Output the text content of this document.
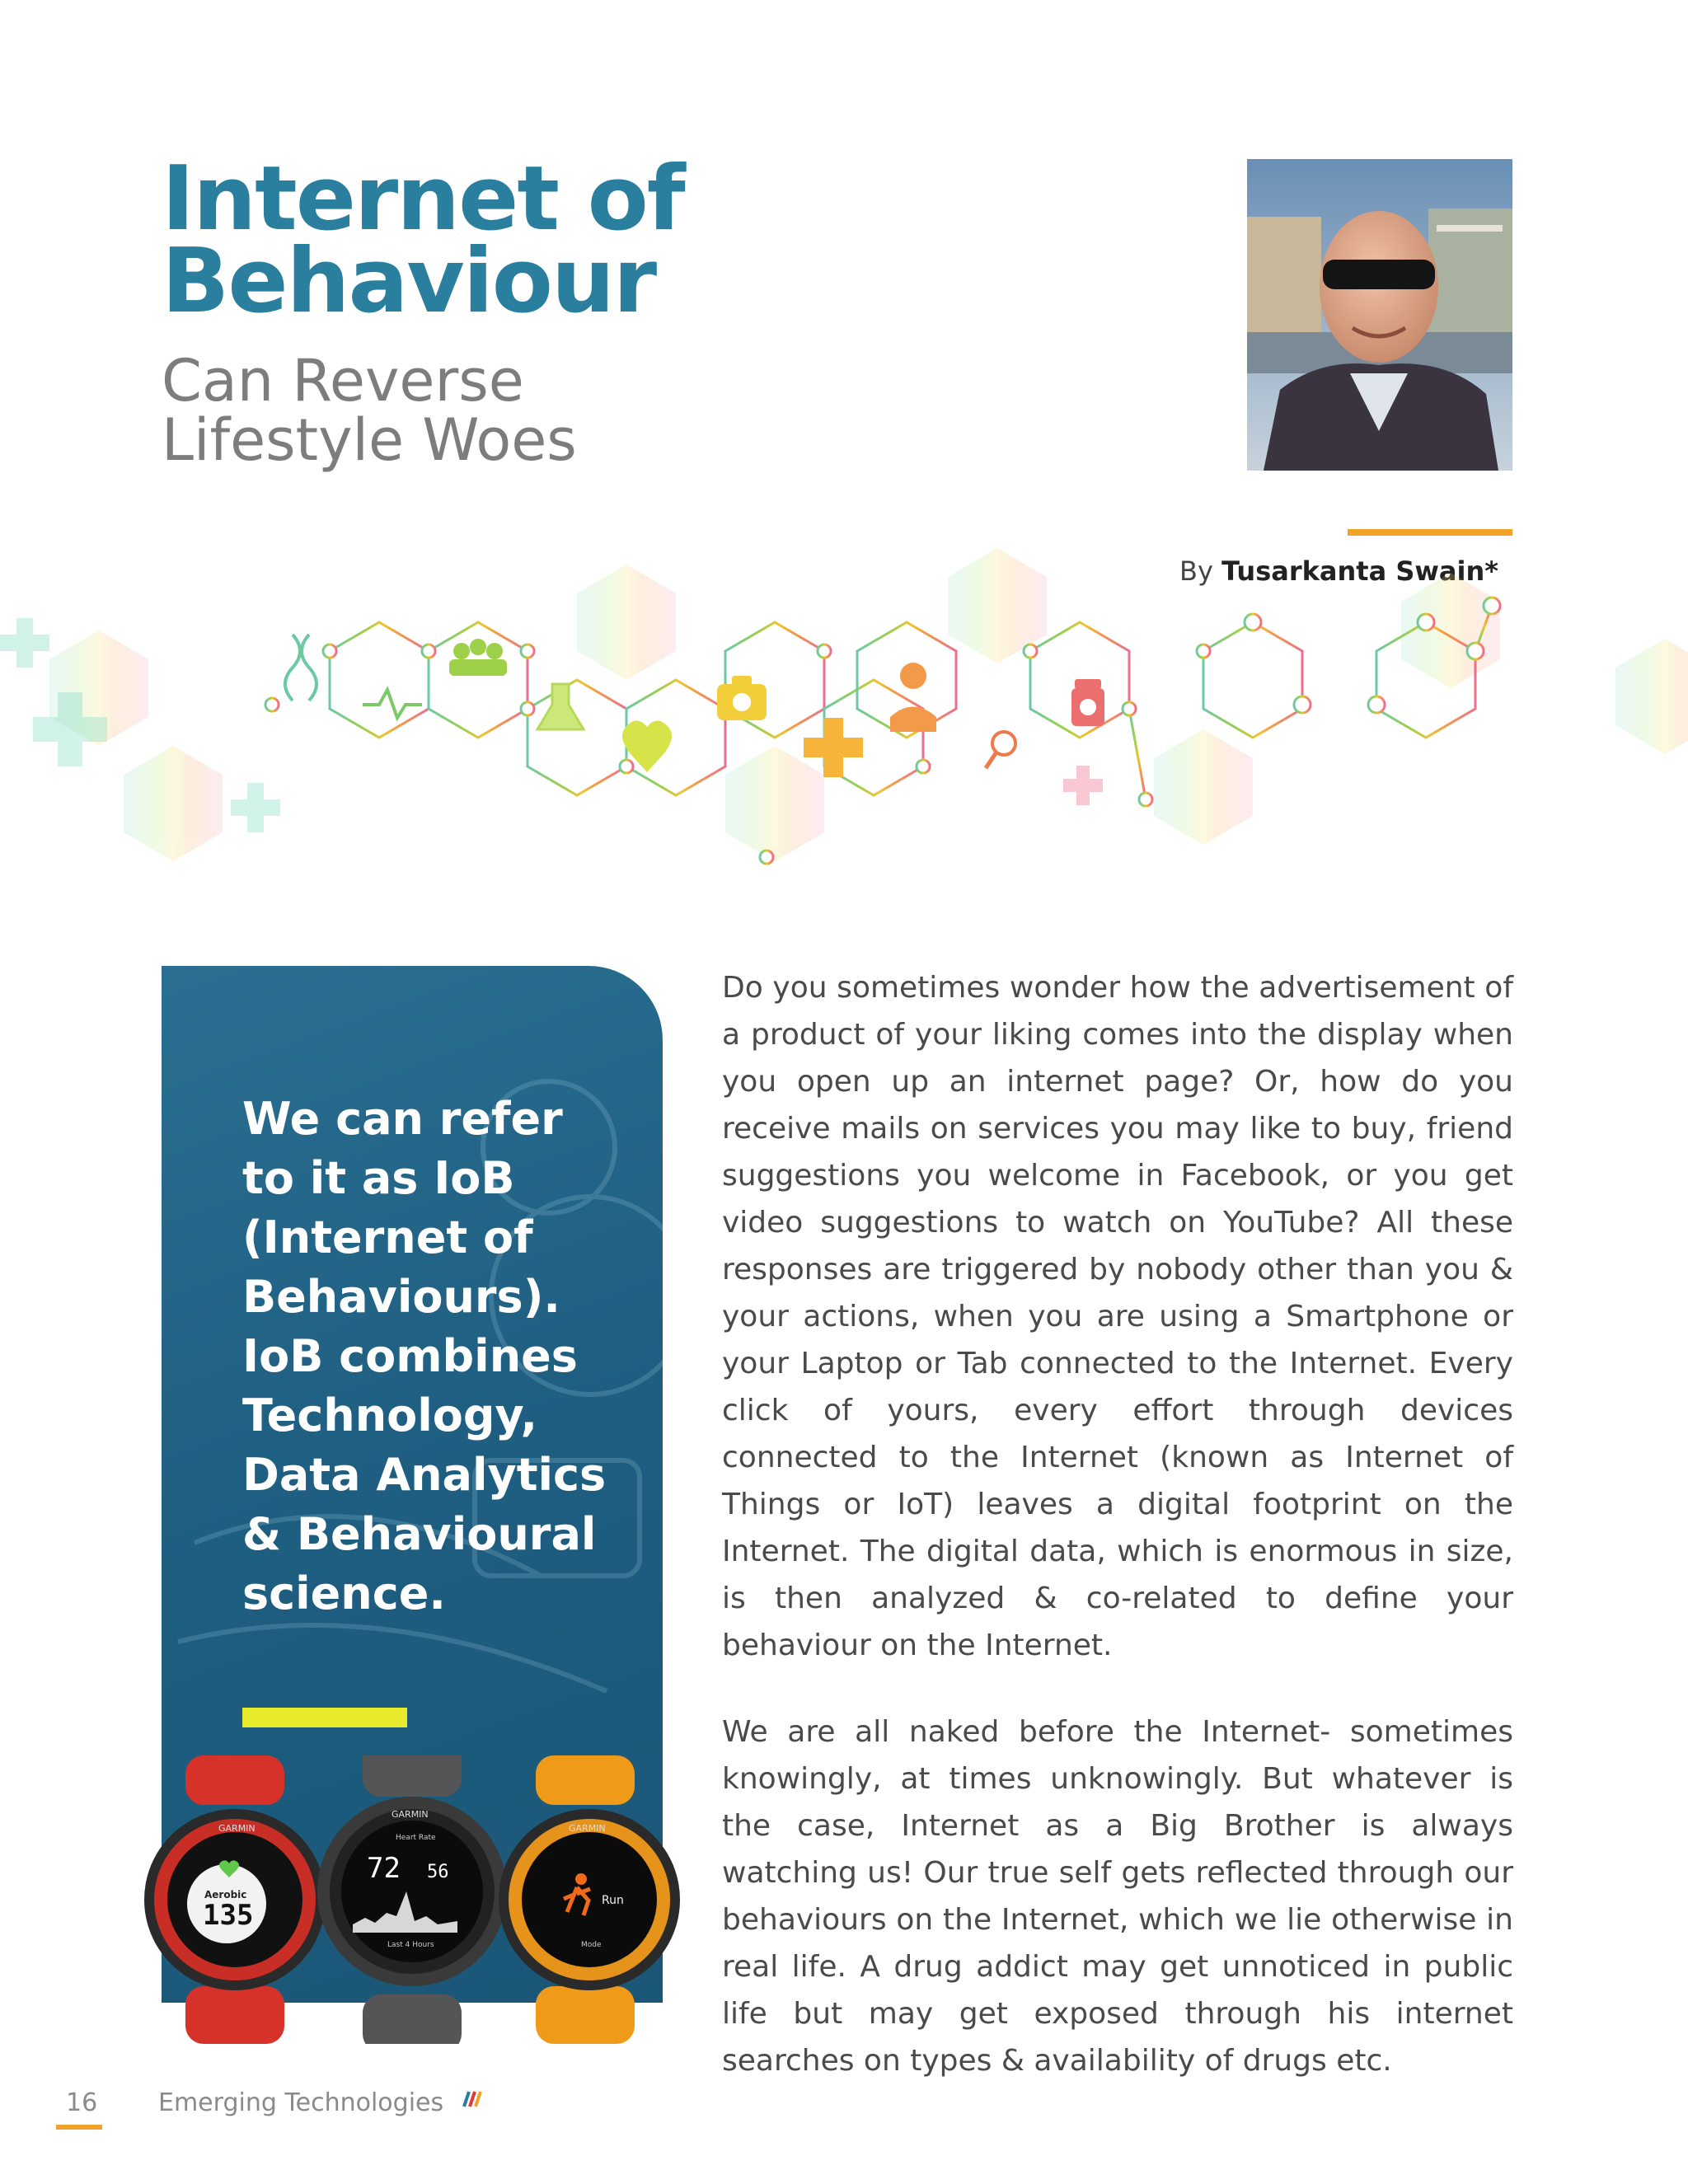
Internet of Behaviour
Can Reverse Lifestyle Woes
By Tusarkanta Swain*
We can refer to it as IoB (Internet of Behaviours). IoB combines Technology, Data Analytics & Behavioural science.
GARMIN
Aerobic
135
GARMIN
Heart Rate
72 56
Last 4 Hours
GARMIN
Run
Mode

Do you sometimes wonder how the advertisement of a product of your liking comes into the display when you open up an internet page? Or, how do you receive mails on services you may like to buy, friend suggestions you welcome in Facebook, or you get video suggestions to watch on YouTube? All these responses are triggered by nobody other than you & your actions, when you are using a Smartphone or your Laptop or Tab connected to the Internet. Every click of yours, every effort through devices connected to the Internet (known as Internet of Things or IoT) leaves a digital footprint on the Internet. The digital data, which is enormous in size, is then analyzed & co-related to define your behaviour on the Internet.

We are all naked before the Internet- sometimes knowingly, at times unknowingly. But whatever is the case, Internet as a Big Brother is always watching us! Our true self gets reflected through our behaviours on the Internet, which we lie otherwise in real life. A drug addict may get unnoticed in public life but may get exposed through his internet searches on types & availability of drugs etc.

16 Emerging Technologies
